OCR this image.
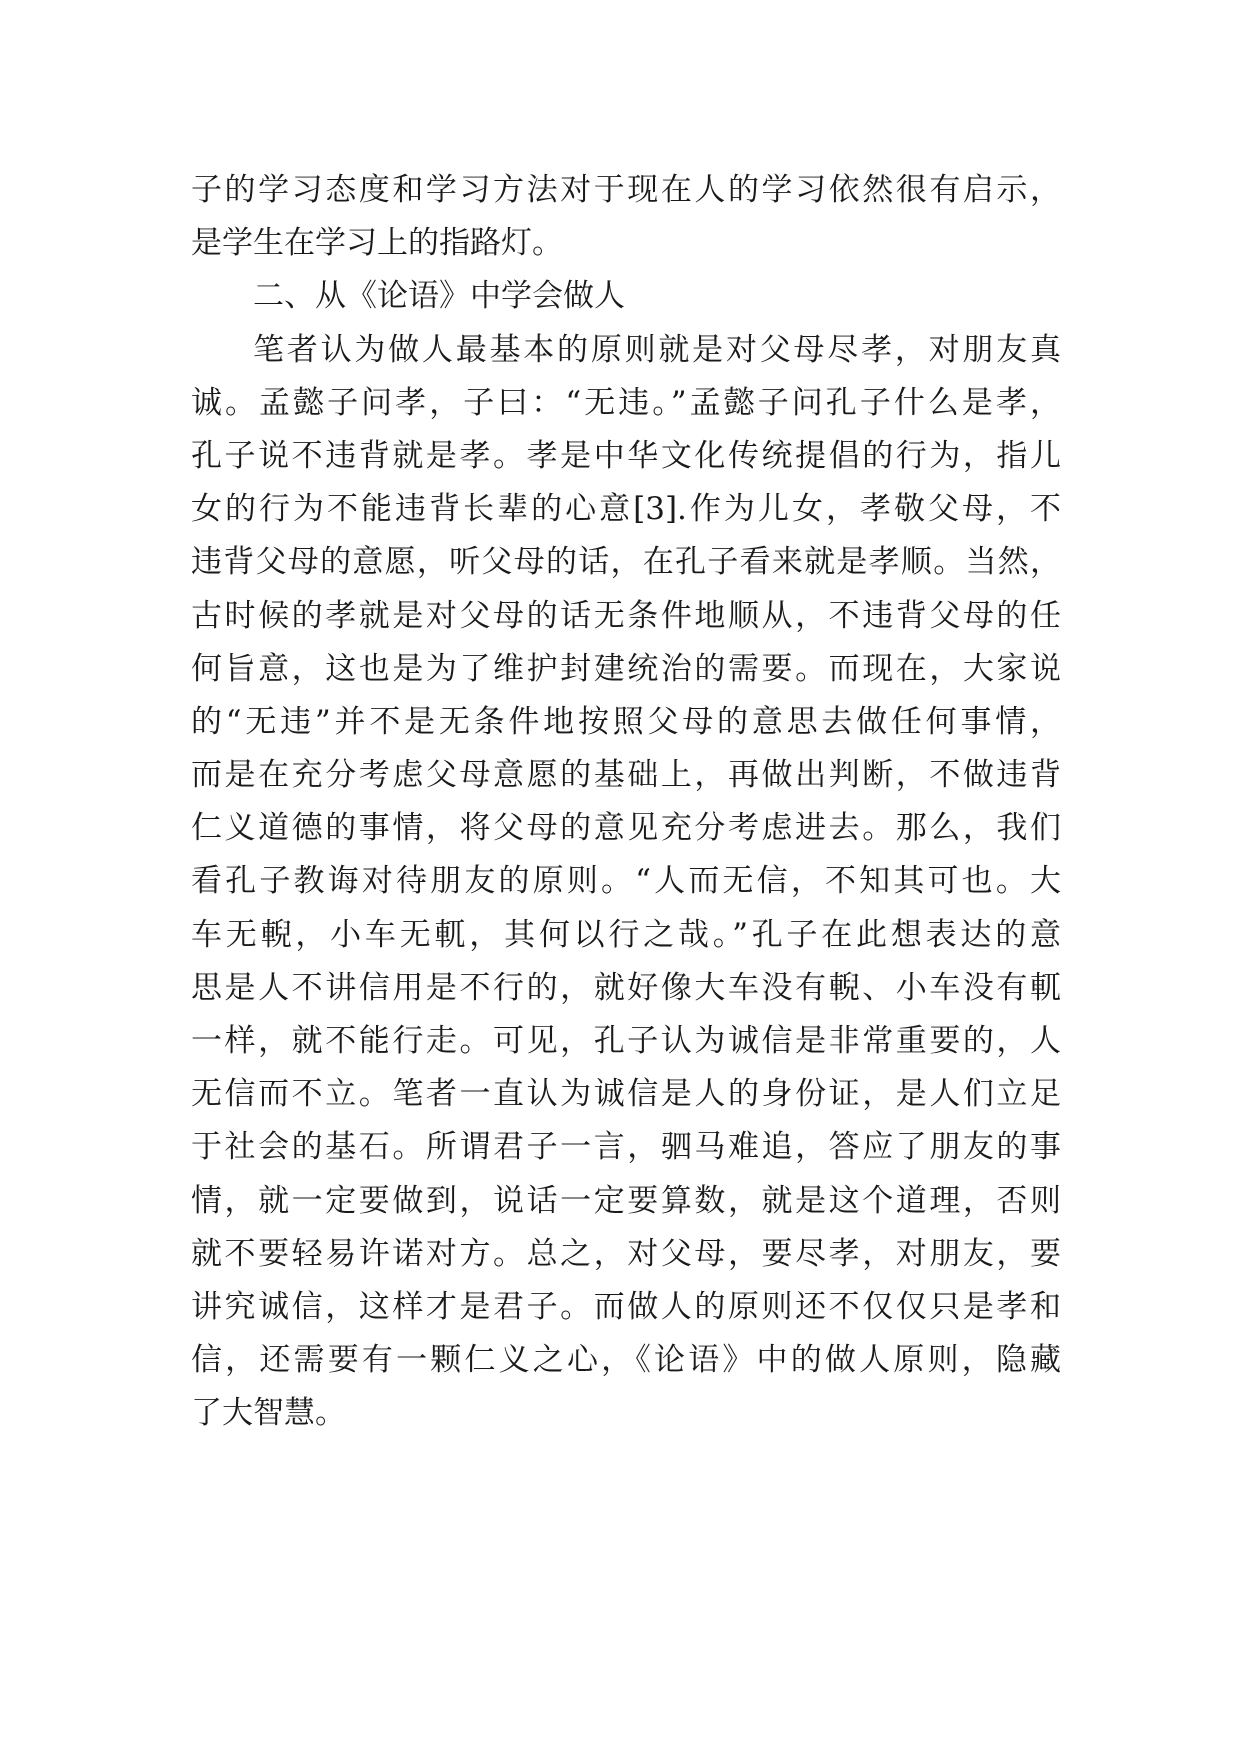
子的学习态度和学习方法对于现在人的学习依然很有启示，
是学生在学习上的指路灯。
二、从《论语》中学会做人
笔者认为做人最基本的原则就是对父母尽孝，对朋友真
诚。孟懿子问孝，子曰：“无违。”孟懿子问孔子什么是孝，
孔子说不违背就是孝。孝是中华文化传统提倡的行为，指儿
女的行为不能违背长辈的心意[3].作为儿女，孝敬父母，不
违背父母的意愿，听父母的话，在孔子看来就是孝顺。当然，
古时候的孝就是对父母的话无条件地顺从，不违背父母的任
何旨意，这也是为了维护封建统治的需要。而现在，大家说
的“无违”并不是无条件地按照父母的意思去做任何事情，
而是在充分考虑父母意愿的基础上，再做出判断，不做违背
仁义道德的事情，将父母的意见充分考虑进去。那么，我们
看孔子教诲对待朋友的原则。“人而无信，不知其可也。大
车无輗，小车无軏，其何以行之哉。”孔子在此想表达的意
思是人不讲信用是不行的，就好像大车没有輗、小车没有軏
一样，就不能行走。可见，孔子认为诚信是非常重要的，人
无信而不立。笔者一直认为诚信是人的身份证，是人们立足
于社会的基石。所谓君子一言，驷马难追，答应了朋友的事
情，就一定要做到，说话一定要算数，就是这个道理，否则
就不要轻易许诺对方。总之，对父母，要尽孝，对朋友，要
讲究诚信，这样才是君子。而做人的原则还不仅仅只是孝和
信，还需要有一颗仁义之心，《论语》中的做人原则，隐藏
了大智慧。
